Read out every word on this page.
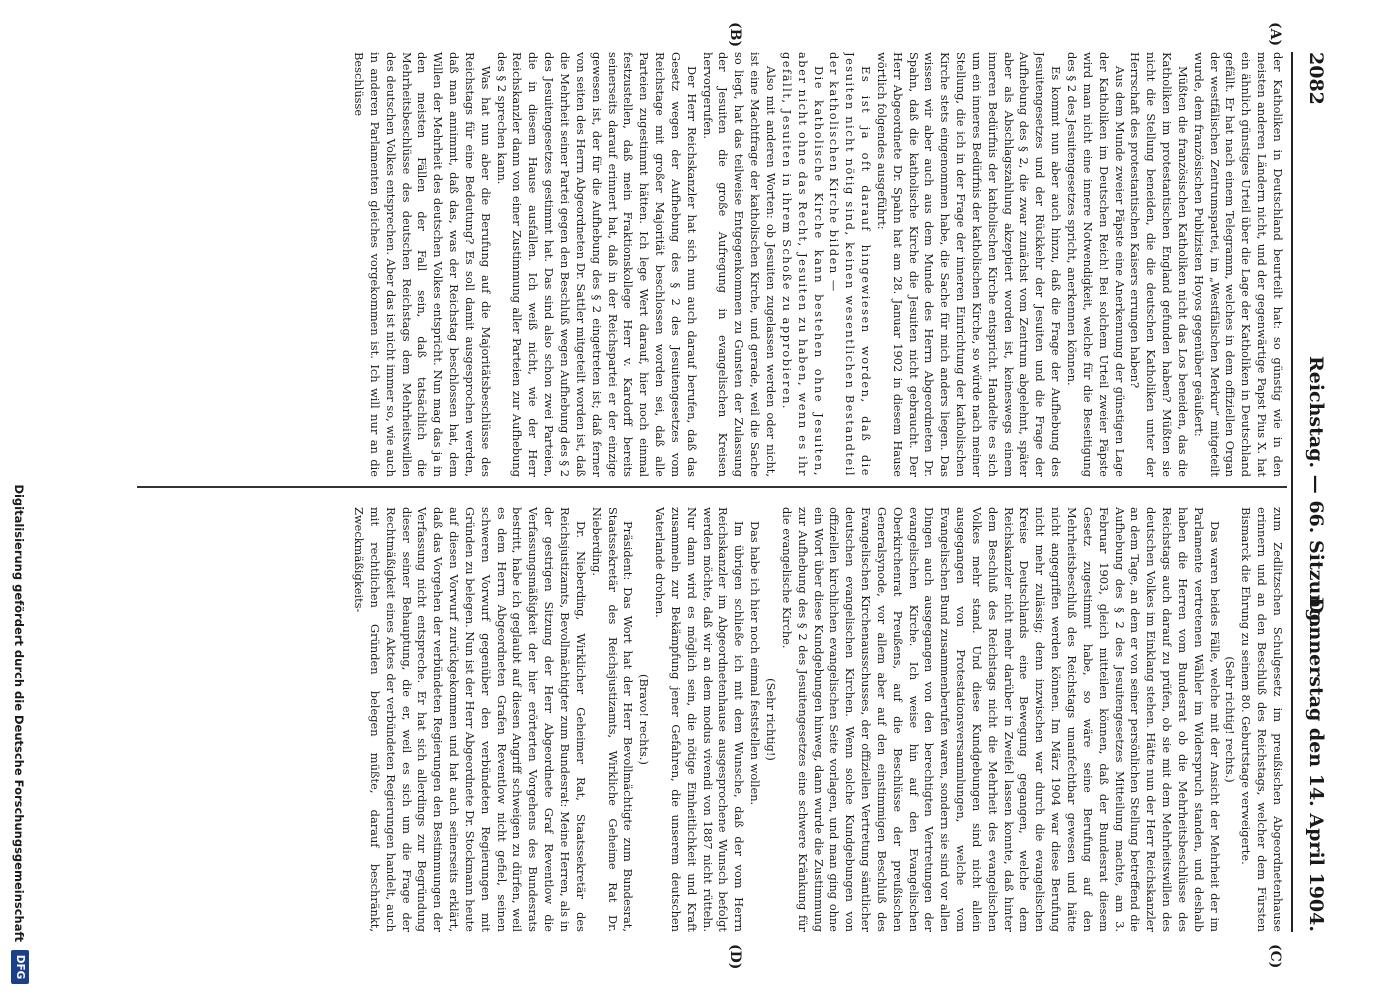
2082
Reichstag. — 66. Sitzung.
Donnerstag den 14. April 1904.
(A)
(B)
(C)
(D)

der Katholiken in Deutschland beurteilt hat: so günstig wie in den meisten anderen Ländern nicht, und der gegenwärtige Papst Pius X. hat ein ähnlich günstiges Urteil über die Lage der Katholiken in Deutschland gefällt. Er hat nach einem Telegramm, welches in dem offiziellen Organ der westfälischen Zentrumspartei, im „Westfälischen Merkur“ mitgeteilt wurde, dem französischen Publizisten Hoyos gegenüber geäußert:

Müßten die französischen Katholiken nicht das Los beneiden, das die Katholiken im protestantischen England gefunden haben? Müßten sie nicht die Stellung beneiden, die die deutschen Katholiken unter der Herrschaft des protestantischen Kaisers errungen haben?

Aus dem Munde zweier Päpste eine Anerkennung der günstigen Lage der Katholiken im Deutschen Reich! Bei solchem Urteil zweier Päpste wird man nicht eine innere Notwendigkeit, welche für die Beseitigung des § 2 des Jesuitengesetzes spricht, anerkennen können.

Es kommt nun aber auch hinzu, daß die Frage der Aufhebung des Jesuitengesetzes und der Rückkehr der Jesuiten und die Frage der Aufhebung des § 2, die zwar zunächst vom Zentrum abgelehnt, später aber als Abschlagszahlung akzeptiert worden ist, keineswegs einem inneren Bedürfnis der katholischen Kirche entspricht. Handelte es sich um ein inneres Bedürfnis der katholischen Kirche, so würde nach meiner Stellung, die ich in der Frage der inneren Einrichtung der katholischen Kirche stets eingenommen habe, die Sache für mich anders liegen. Das wissen wir aber auch aus dem Munde des Herrn Abgeordneten Dr. Spahn, daß die katholische Kirche die Jesuiten nicht gebraucht. Der Herr Abgeordnete Dr. Spahn hat am 28. Januar 1902 in diesem Hause wörtlich folgendes ausgeführt:

Es ist ja oft darauf hingewiesen worden, daß die Jesuiten nicht nötig sind, keinen wesentlichen Bestandteil der katholischen Kirche bilden —

Die katholische Kirche kann bestehen ohne Jesuiten, aber nicht ohne das Recht, Jesuiten zu haben, wenn es ihr gefällt, Jesuiten in ihrem Schoße zu approbieren.

Also mit anderen Worten: ob Jesuiten zugelassen werden oder nicht, ist eine Machtfrage der katholischen Kirche, und gerade, weil die Sache so liegt, hat das teilweise Entgegenkommen zu Gunsten der Zulassung der Jesuiten die große Aufregung in evangelischen Kreisen hervorgerufen.

Der Herr Reichskanzler hat sich nun auch darauf berufen, daß das Gesetz wegen der Aufhebung des § 2 des Jesuitengesetzes vom Reichstage mit großer Majorität beschlossen worden sei, daß alle Parteien zugestimmt hätten. Ich lege Wert darauf, hier noch einmal festzustellen, daß mein Fraktionskollege Herr v. Kardorff bereits seinerseits darauf erinnert hat, daß in der Reichspartei er der einzige gewesen ist, der für die Aufhebung des § 2 eingetreten ist; daß ferner von seiten des Herrn Abgeordneten Dr. Sattler mitgeteilt worden ist, daß die Mehrheit seiner Partei gegen den Beschluß wegen Aufhebung des § 2 des Jesuitengesetzes gestimmt hat. Das sind also schon zwei Parteien, die in diesem Hause ausfallen. Ich weiß nicht, wie der Herr Reichskanzler dann von einer Zustimmung aller Parteien zur Aufhebung des § 2 sprechen kann.

Was hat nun aber die Berufung auf die Majoritätsbeschlüsse des Reichstags für eine Bedeutung? Es soll damit ausgesprochen werden, daß man annimmt, daß das, was der Reichstag beschlossen hat, dem Willen der Mehrheit des deutschen Volkes entspricht. Nun mag das ja in den meisten Fällen der Fall sein, daß tatsächlich die Mehrheitsbeschlüsse des deutschen Reichstags dem Mehrheitswillen des deutschen Volkes entsprechen. Aber das ist nicht immer so, wie auch in anderen Parlamenten gleiches vorgekommen ist. Ich will nur an die Beschlüsse

zum Zedlitzschen Schulgesetz im preußischen Abgeordnetenhause erinnern und an den Beschluß des Reichstags, welcher dem Fürsten Bismarck die Ehrung zu seinem 80. Geburtstage verweigerte.

(Sehr richtig! rechts.)

Das waren beides Fälle, welche mit der Ansicht der Mehrheit der im Parlamente vertretenen Wähler im Widerspruch standen, und deshalb haben die Herren vom Bundesrat ob die Mehrheitsbeschlüsse des Reichstags auch darauf zu prüfen, ob sie mit dem Mehrheitswillen des deutschen Volkes im Einklang stehen. Hätte nun der Herr Reichskanzler an dem Tage, an dem er von seiner persönlichen Stellung betreffend die Aufhebung des § 2 des Jesuitengesetzes Mitteilung machte, am 3. Februar 1903, gleich mitteilen können, daß der Bundesrat diesem Gesetz zugestimmt habe, so wäre seine Berufung auf den Mehrheitsbeschluß des Reichstags unanfechtbar gewesen und hätte nicht angegriffen werden können. Im März 1904 war diese Berufung nicht mehr zulässig; denn inzwischen war durch die evangelischen Kreise Deutschlands eine Bewegung gegangen, welche dem Reichskanzler nicht mehr darüber in Zweifel lassen konnte, daß hinter dem Beschluß des Reichstags nicht die Mehrheit des evangelischen Volkes mehr stand. Und diese Kundgebungen sind nicht allein ausgegangen von Protestationsversammlungen, welche vom Evangelischen Bund zusammenberufen waren, sondern sie sind vor allen Dingen auch ausgegangen von den berechtigten Vertretungen der evangelischen Kirche. Ich weise hin auf den Evangelischen Oberkirchenrat Preußens, auf die Beschlüsse der preußischen Generalsynode, vor allem aber auf den einstimmigen Beschluß des Evangelischen Kirchenausschusses, der offiziellen Vertretung sämtlicher deutschen evangelischen Kirchen. Wenn solche Kundgebungen von offiziellen kirchlichen evangelischen Seite vorlagen, und man ging ohne ein Wort über diese Kundgebungen hinweg, dann wurde die Zustimmung zur Aufhebung des § 2 des Jesuitengesetzes eine schwere Kränkung für die evangelische Kirche.

(Sehr richtig!)

Das habe ich hier noch einmal feststellen wollen.

Im übrigen schließe ich mit dem Wunsche, daß der vom Herrn Reichskanzler im Abgeordnetenhause ausgesprochene Wunsch befolgt werden möchte, daß wir an dem modus vivendi von 1887 nicht rütteln. Nur dann wird es möglich sein, die nötige Einheitlichkeit und Kraft zusammeln zur Bekämpfung jener Gefahren, die unserem deutschen Vaterlande drohen.

(Bravo! rechts.)

Präsident: Das Wort hat der Herr Bevollmächtigte zum Bundesrat, Staatssekretär des Reichsjustizamts, Wirkliche Geheime Rat Dr. Nieberding.

Dr. Nieberding, Wirklicher Geheimer Rat, Staatssekretär des Reichsjustizamts, Bevollmächtigter zum Bundesrat: Meine Herren, als in der gestrigen Sitzung der Herr Abgeordnete Graf Reventlow die Verfassungsmäßigkeit der hier erörterten Vorgehens des Bundesrats bestritt, habe ich geglaubt auf diesen Angriff schweigen zu dürfen, weil es dem Herrn Abgeordneten Grafen Reventlow nicht gefiel, seinen schweren Vorwurf gegenüber den verbündeten Regierungen mit Gründen zu belegen. Nun ist der Herr Abgeordnete Dr. Stockmann heute auf diesen Vorwurf zurückgekommen und hat auch seinerseits erklärt, daß das Vorgehen der verbündeten Regierungen den Bestimmungen der Verfassung nicht entspreche. Er hat sich allerdings zur Begründung dieser seiner Behauptung, die er, weil es sich um die Frage der Rechtmäßigkeit eines Aktes der verbündeten Regierungen handelt, auch mit rechtlichen Gründen belegen müßte, darauf beschränkt, Zweckmäßigkeits-

Digitalisierung gefördert durch die Deutsche Forschungsgemeinschaft
DFG
